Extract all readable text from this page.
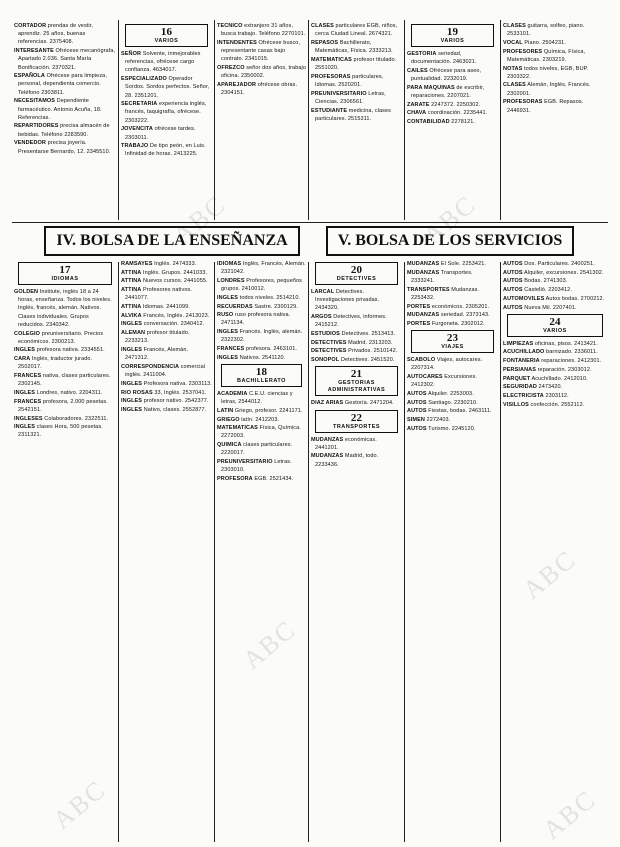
ABC	ABC
ABC
ABC
ABC	ABC
CORTADOR prendas de vestir, aprendiz. 25 años, buenas referencias. 2375408.
INTERESANTE Ofrécese mecanógrafa, Apartado 2.036. Santa María Bonificación. 2370321.
ESPAÑOLA Ofrécese para limpieza, personal, dependienta comercio. Teléfono 2303811.
NECESITAMOS Dependiente farmacéutico. Antonio Acuña, 18. Referencias.
REPARTIDORES precisa almacén de bebidas. Teléfono 2283590.
VENDEDOR precisa joyería. Presentarse Bernardo, 12. 2345510.
16
VARIOS
SEÑOR Solvente, inmejorables referencias, ofrécese cargo confianza. 4634017.
ESPECIALIZADO Operador Sordos. Sordos perfectos. Señor, 28. 2351201.
SECRETARIA experiencia inglés, francés, taquigrafía, ofrécese. 2303222.
JOVENCITA ofrécese tardes. 2303011.
TRABAJO De tipo peón, en Luis. Infinidad de horas. 2413225.
TECNICO extranjero 31 años, busca trabajo. Teléfono 2270101.
INTENDENTES Ofrécese busco, representante casas bajo contrato. 2341015.
OFREZCO señor dos años, trabajo oficina. 2350002.
APAREJADOR ofrécese obras. 2304151.
CLASES particulares EGB, niños, cerca Ciudad Lineal. 2674321.
REPASOS Bachillerato, Matemáticas, Física. 2333213.
MATEMATICAS profesor titulado. 2551020.
PROFESORAS particulares, Idiomas. 2520201.
PREUNIVERSITARIO Letras, Ciencias. 2306561.
ESTUDIANTE medicina, clases particulares. 2515311.
19
VARIOS
GESTORIA seriedad, documentación. 2463021.
CAILES Ofrécese para aseo, puntualidad. 2232019.
PARA MAQUINAS de escribir, reparaciones. 2207021.
ZARATE 2247372. 2250302.
CHAVA coordinación. 2235441.
CONTABILIDAD 2278121.
CLASES guitarra, solfeo, piano. 2533101.
VOCAL Piano. 2504231.
PROFESORES Química, Física, Matemáticas. 2303219.
NOTAS todos niveles, EGB, BUP. 2303322.
CLASES Alemán, Inglés, Francés. 2302001.
PROFESORAS EGB. Repasos. 2446931.
IV. BOLSA DE LA ENSEÑANZA	V. BOLSA DE LOS SERVICIOS
17
IDIOMAS
GOLDEN Institute, inglés 18 a 24 horas, enseñanza. Todos los niveles. Inglés, francés, alemán. Nativos. Clases individuales. Grupos reducidos. 2340342.
COLEGIO preuniversitario. Precios económicos. 2300213.
INGLES profesora nativa. 2334551.
CARA Inglés, traductor jurado. 2502017.
FRANCES nativa, clases particulares. 2302145.
INGLES Londres, nativo. 2204311.
FRANCES profesora, 2.000 pesetas. 2542151.
INGLESES Colaboradores. 2322511.
INGLES clases Hora, 500 pesetas. 2311321.
RAMSAYES Inglés. 2474333.
ATTINA Inglés. Grupos. 2441033.
ATTINA Nuevos cursos. 2441055.
ATTINA Profesores nativos. 2441077.
ATTINA Idiomas. 2441099.
ALVIKA Francés, Inglés. 2413023.
INGLES conversación. 2340412.
ALEMAN profesor titulado. 2233213.
INGLES Francés, Alemán. 2471312.
CORRESPONDENCIA comercial inglés. 2411004.
INGLES Profesora nativa. 2303113.
RIO ROSAS 33, Inglés. 2537041.
INGLES profesor nativo. 2542377.
INGLES Nativo, clases. 2552877.
IDIOMAS Inglés, Francés, Alemán. 2321042.
LONDRES Profesores, pequeños grupos. 2410012.
INGLES todos niveles. 2514210.
RECUERDAS Sastre. 2300129.
RUSO ruso profesora nativa. 2471134.
INGLES Francés. Inglés, alemán. 2322302.
FRANCES profesora. 2463101.
INGLES Nativos. 2541120.
18
BACHILLERATO
ACADEMIA C.E.U. ciencias y letras, 2544012.
LATIN Griego, profesor. 2241171.
GRIEGO latín. 2412203.
MATEMATICAS Física, Química. 2272003.
QUIMICA clases particulares. 2220017.
PREUNIVERSITARIO Letras. 2303010.
PROFESORA EGB. 2521434.
20
DETECTIVES
LARCAL Detectives. Investigaciones privadas. 2434320.
ARGOS Detectives, informes. 2415212.
ESTUDIOS Detectives. 2513413.
DETECTIVES Madrid. 2313203.
DETECTIVES Privados. 2510142.
SONOPOL Detectives. 2451520.
21
GESTORIAS ADMINISTRATIVAS
DIAZ ARIAS Gestoría. 2471204.
22
TRANSPORTES
MUDANZAS económicas. 2441201.
MUDANZAS Madrid, todo. 2233436.
MUDANZAS El Sole. 2253421.
MUDANZAS Transportes. 2333241.
TRANSPORTES Mudanzas. 2253432.
PORTES económicos. 2305201.
MUDANZAS seriedad. 2373143.
PORTES Furgoneta. 2302012.
23
VIAJES
SCABOLO Viajes, autocares. 2207314.
AUTOCARES Excursiones. 2412302.
AUTOS Alquiler. 2253003.
AUTOS Santiago. 2230210.
AUTOS Fiestas, bodas. 2463111.
SIMEN 2272403.
AUTOS Turismo. 2245120.
AUTOS Dos. Particulares. 2400251.
AUTOS Alquiler, excursiones. 2541302.
AUTOS Bodas. 2741303.
AUTOS Castelló. 2203412.
AUTOMOVILES Autos bodas. 2700212.
AUTOS Nueva Mil. 2207401.
24
VARIOS
LIMPIEZAS oficinas, pisos. 2413421.
ACUCHILLADO barnizado. 2336011.
FONTANERIA reparaciones. 2412301.
PERSIANAS reparación. 2303012.
PARQUET Acuchillado. 2412010.
SEGURIDAD 2473420.
ELECTRICISTA 2303112.
VISILLOS confección. 2552112.
